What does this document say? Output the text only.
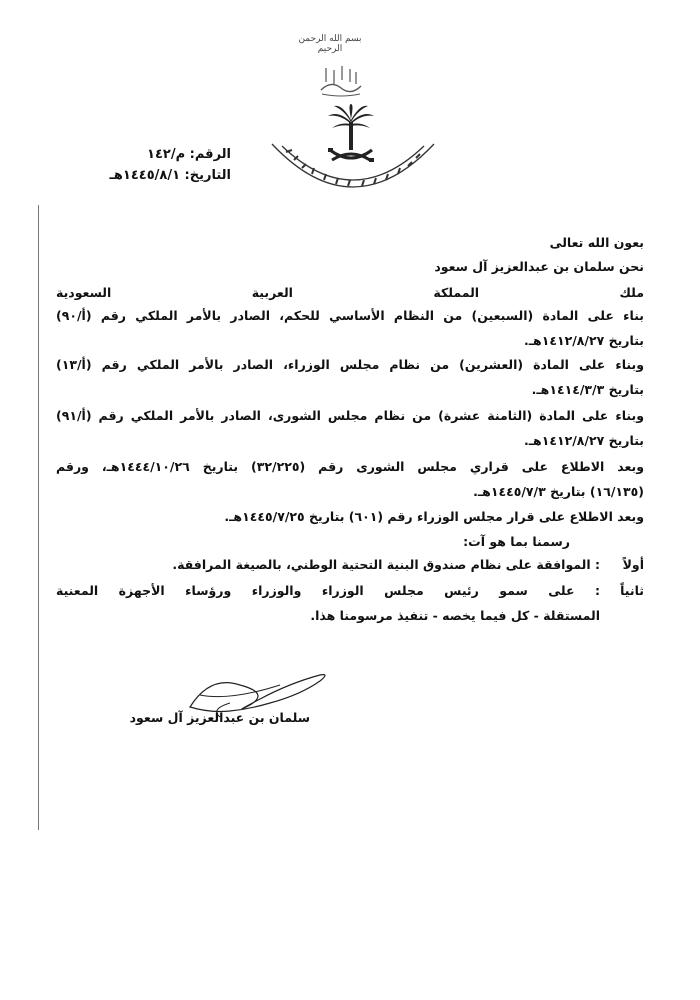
بسم الله الرحمن الرحيم
الرقم: م/١٤٢
التاريخ: ١٤٤٥/٨/١هـ
بعون الله تعالى
نحن سلمان بن عبدالعزيز آل سعود
ملك المملكة العربية السعودية
بناء على المادة (السبعين) من النظام الأساسي للحكم، الصادر بالأمر الملكي رقم (أ/٩٠)
بتاريخ ١٤١٢/٨/٢٧هـ.
وبناء على المادة (العشرين) من نظام مجلس الوزراء، الصادر بالأمر الملكي رقم (أ/١٣)
بتاريخ ١٤١٤/٣/٣هـ.
وبناء على المادة (الثامنة عشرة) من نظام مجلس الشورى، الصادر بالأمر الملكي رقم (أ/٩١)
بتاريخ ١٤١٢/٨/٢٧هـ.
وبعد الاطلاع على قراري مجلس الشورى رقم (٣٢/٢٢٥) بتاريخ ١٤٤٤/١٠/٢٦هـ، ورقم
(١٦/١٣٥) بتاريخ ١٤٤٥/٧/٣هـ.
وبعد الاطلاع على قرار مجلس الوزراء رقم (٦٠١) بتاريخ ١٤٤٥/٧/٢٥هـ.
رسمنا بما هو آت:
أولاً
: الموافقة على نظام صندوق البنية التحتية الوطني، بالصيغة المرافقة.
ثانياً
: على سمو رئيس مجلس الوزراء والوزراء ورؤساء الأجهزة المعنية
المستقلة - كل فيما يخصه - تنفيذ مرسومنا هذا.
سلمان بن عبدالعزيز آل سعود
